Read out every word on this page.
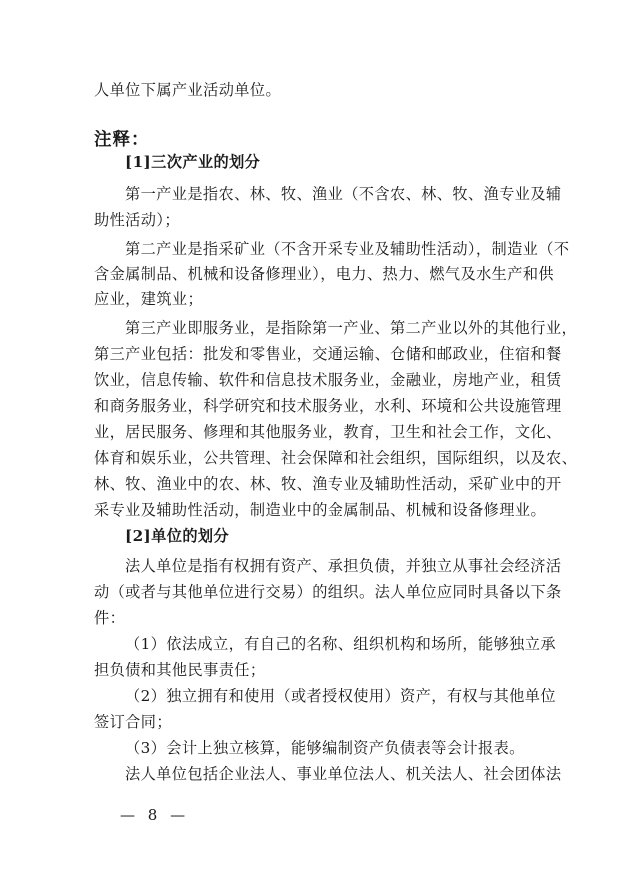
人单位下属产业活动单位。
注释：
[1]三次产业的划分
第一产业是指农、林、牧、渔业（不含农、林、牧、渔专业及辅
助性活动）；
第二产业是指采矿业（不含开采专业及辅助性活动），制造业（不
含金属制品、机械和设备修理业），电力、热力、燃气及水生产和供
应业，建筑业；
第三产业即服务业，是指除第一产业、第二产业以外的其他行业，
第三产业包括：批发和零售业，交通运输、仓储和邮政业，住宿和餐
饮业，信息传输、软件和信息技术服务业，金融业，房地产业，租赁
和商务服务业，科学研究和技术服务业，水利、环境和公共设施管理
业，居民服务、修理和其他服务业，教育，卫生和社会工作，文化、
体育和娱乐业，公共管理、社会保障和社会组织，国际组织，以及农、
林、牧、渔业中的农、林、牧、渔专业及辅助性活动，采矿业中的开
采专业及辅助性活动，制造业中的金属制品、机械和设备修理业。
[2]单位的划分
法人单位是指有权拥有资产、承担负债，并独立从事社会经济活
动（或者与其他单位进行交易）的组织。法人单位应同时具备以下条
件：
（1）依法成立，有自己的名称、组织机构和场所，能够独立承
担负债和其他民事责任；
（2）独立拥有和使用（或者授权使用）资产，有权与其他单位
签订合同；
（3）会计上独立核算，能够编制资产负债表等会计报表。
法人单位包括企业法人、事业单位法人、机关法人、社会团体法
— 8 —
